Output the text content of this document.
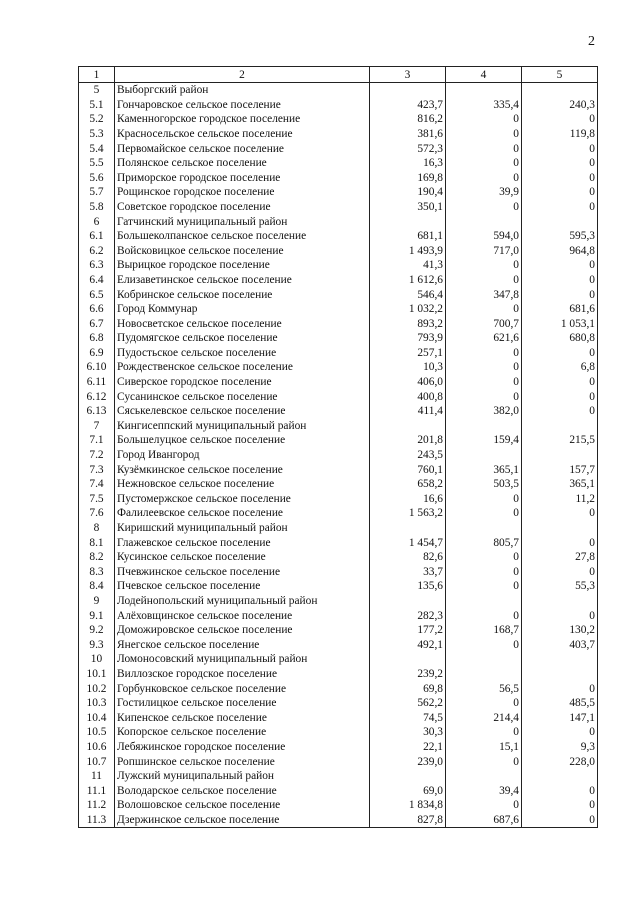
2
1	2	3	4	5
5	Выборгский район			
5.1	Гончаровское сельское поселение	423,7	335,4	240,3
5.2	Каменногорское городское поселение	816,2	0	0
5.3	Красносельское сельское поселение	381,6	0	119,8
5.4	Первомайское сельское поселение	572,3	0	0
5.5	Полянское сельское поселение	16,3	0	0
5.6	Приморское городское поселение	169,8	0	0
5.7	Рощинское городское поселение	190,4	39,9	0
5.8	Советское городское поселение	350,1	0	0
6	Гатчинский муниципальный район			
6.1	Большеколпанское сельское поселение	681,1	594,0	595,3
6.2	Войсковицкое сельское поселение	1 493,9	717,0	964,8
6.3	Вырицкое городское поселение	41,3	0	0
6.4	Елизаветинское сельское поселение	1 612,6	0	0
6.5	Кобринское сельское поселение	546,4	347,8	0
6.6	Город Коммунар	1 032,2	0	681,6
6.7	Новосветское сельское поселение	893,2	700,7	1 053,1
6.8	Пудомягское сельское поселение	793,9	621,6	680,8
6.9	Пудостьское сельское поселение	257,1	0	0
6.10	Рождественское сельское поселение	10,3	0	6,8
6.11	Сиверское городское поселение	406,0	0	0
6.12	Сусанинское сельское поселение	400,8	0	0
6.13	Сяськелевское сельское поселение	411,4	382,0	0
7	Кингисеппский муниципальный район			
7.1	Большелуцкое сельское поселение	201,8	159,4	215,5
7.2	Город Ивангород	243,5		
7.3	Кузёмкинское сельское поселение	760,1	365,1	157,7
7.4	Нежновское сельское поселение	658,2	503,5	365,1
7.5	Пустомержское сельское поселение	16,6	0	11,2
7.6	Фалилеевское сельское поселение	1 563,2	0	0
8	Киришский муниципальный район			
8.1	Глажевское сельское поселение	1 454,7	805,7	0
8.2	Кусинское сельское поселение	82,6	0	27,8
8.3	Пчевжинское сельское поселение	33,7	0	0
8.4	Пчевское сельское поселение	135,6	0	55,3
9	Лодейнопольский муниципальный район			
9.1	Алёховщинское сельское поселение	282,3	0	0
9.2	Доможировское сельское поселение	177,2	168,7	130,2
9.3	Янегское сельское поселение	492,1	0	403,7
10	Ломоносовский муниципальный район			
10.1	Виллозское городское поселение	239,2		
10.2	Горбунковское сельское поселение	69,8	56,5	0
10.3	Гостилицкое сельское поселение	562,2	0	485,5
10.4	Кипенское сельское поселение	74,5	214,4	147,1
10.5	Копорское сельское поселение	30,3	0	0
10.6	Лебяжинское городское поселение	22,1	15,1	9,3
10.7	Ропшинское сельское поселение	239,0	0	228,0
11	Лужский муниципальный район			
11.1	Володарское сельское поселение	69,0	39,4	0
11.2	Волошовское сельское поселение	1 834,8	0	0
11.3	Дзержинское сельское поселение	827,8	687,6	0
